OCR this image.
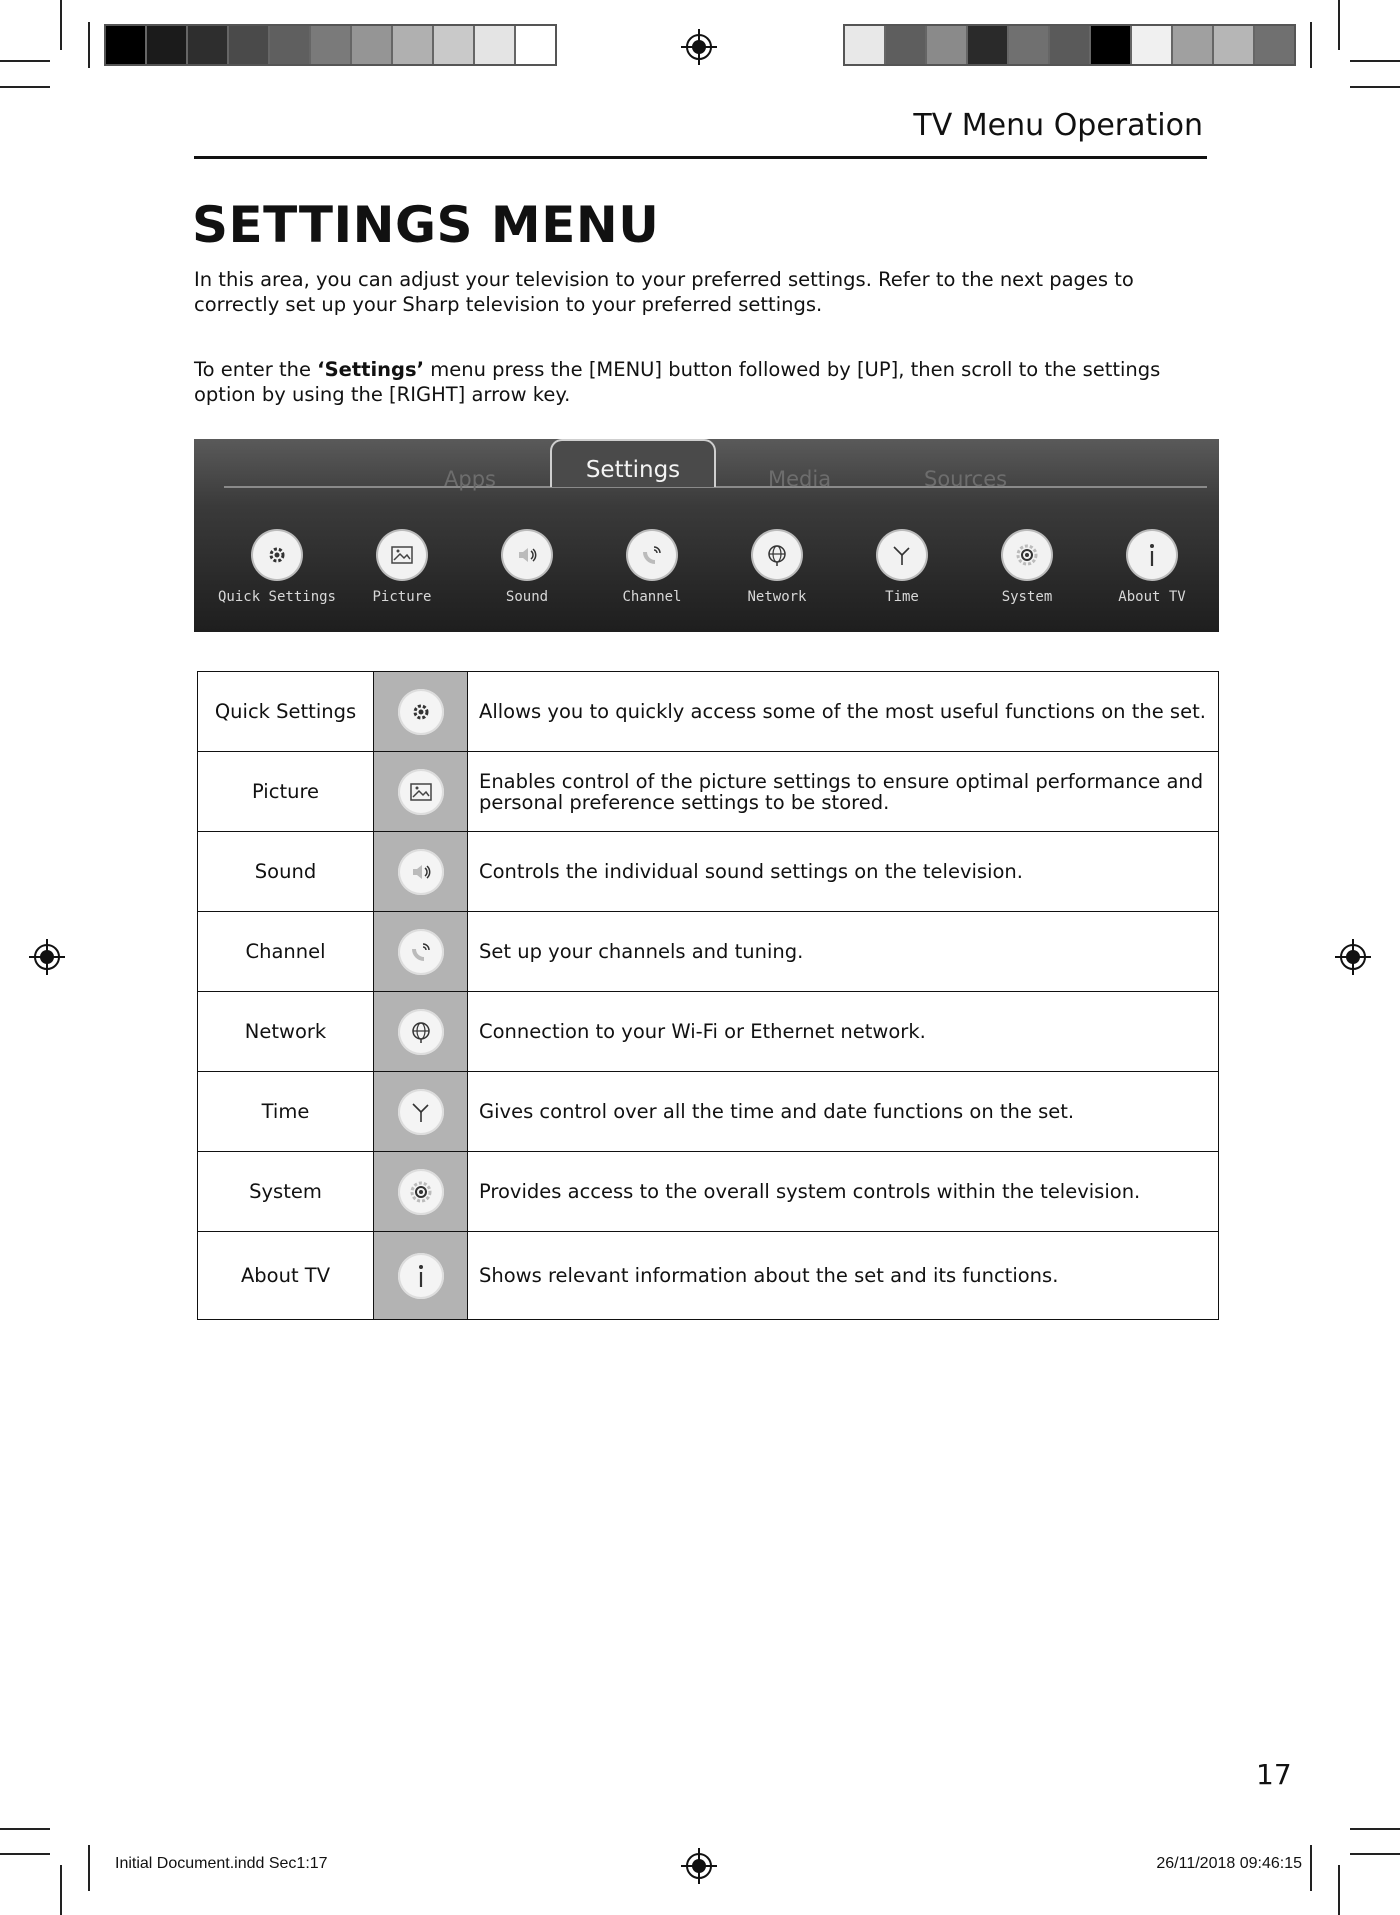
TV Menu Operation
SETTINGS MENU
In this area, you can adjust your television to your preferred settings. Refer to the next pages to correctly set up your Sharp television to your preferred settings.
To enter the ‘Settings’ menu press the [MENU] button followed by [UP], then scroll to the settings option by using the [RIGHT] arrow key.
Apps	Settings	Media	Sources
Quick Settings	Picture	Sound	Channel	Network	Time	System	About TV
Quick Settings		Allows you to quickly access some of the most useful functions on the set.
Picture		Enables control of the picture settings to ensure optimal performance and personal preference settings to be stored.
Sound		Controls the individual sound settings on the television.
Channel		Set up your channels and tuning.
Network		Connection to your Wi-Fi or Ethernet network.
Time		Gives control over all the time and date functions on the set.
System		Provides access to the overall system controls within the television.
About TV		Shows relevant information about the set and its functions.
17
Initial Document.indd Sec1:17	26/11/2018 09:46:15
